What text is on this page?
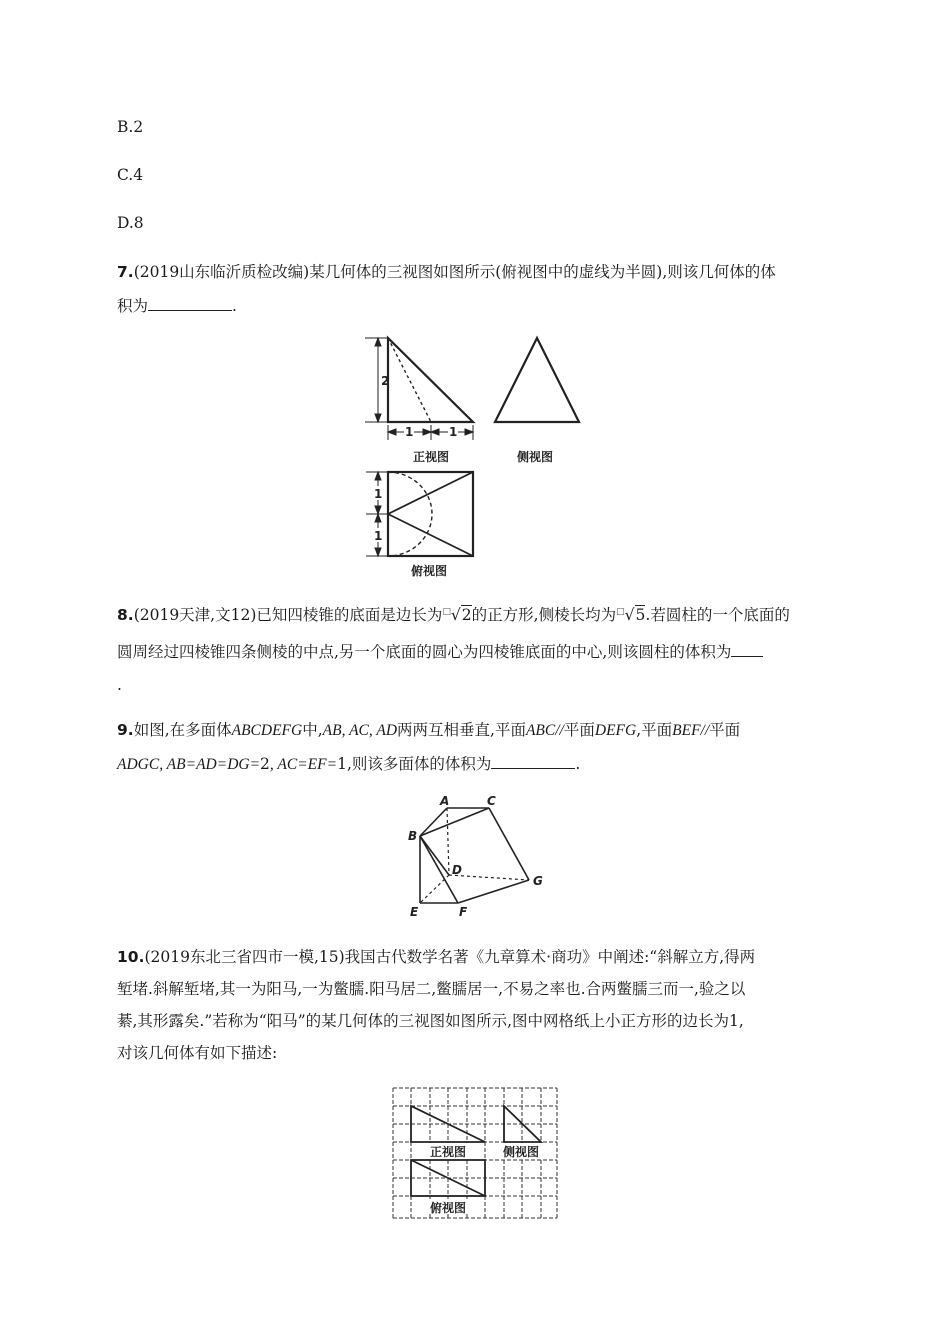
B.2
C.4
D.8
7.(2019山东临沂质检改编)某几何体的三视图如图所示(俯视图中的虚线为半圆),则该几何体的体
积为	.
2
1	1
正视图	侧视图
1
1
俯视图
8.(2019天津,文12)已知四棱锥的底面是边长为□√2的正方形,侧棱长均为□√5.若圆柱的一个底面的
圆周经过四棱锥四条侧棱的中点,另一个底面的圆心为四棱锥底面的中心,则该圆柱的体积为
.
9.如图,在多面体ABCDEFG中,AB, AC, AD两两互相垂直,平面ABC//平面DEFG,平面BEF//平面
ADGC, AB=AD=DG=2, AC=EF=1,则该多面体的体积为	.
A	C
B
D
G
E	F
10.(2019东北三省四市一模,15)我国古代数学名著《九章算术·商功》中阐述:“斜解立方,得两
堑堵.斜解堑堵,其一为阳马,一为鳖臑.阳马居二,鳖臑居一,不易之率也.合两鳖臑三而一,验之以
綦,其形露矣.”若称为“阳马”的某几何体的三视图如图所示,图中网格纸上小正方形的边长为1,
对该几何体有如下描述:
正视图	侧视图
俯视图
